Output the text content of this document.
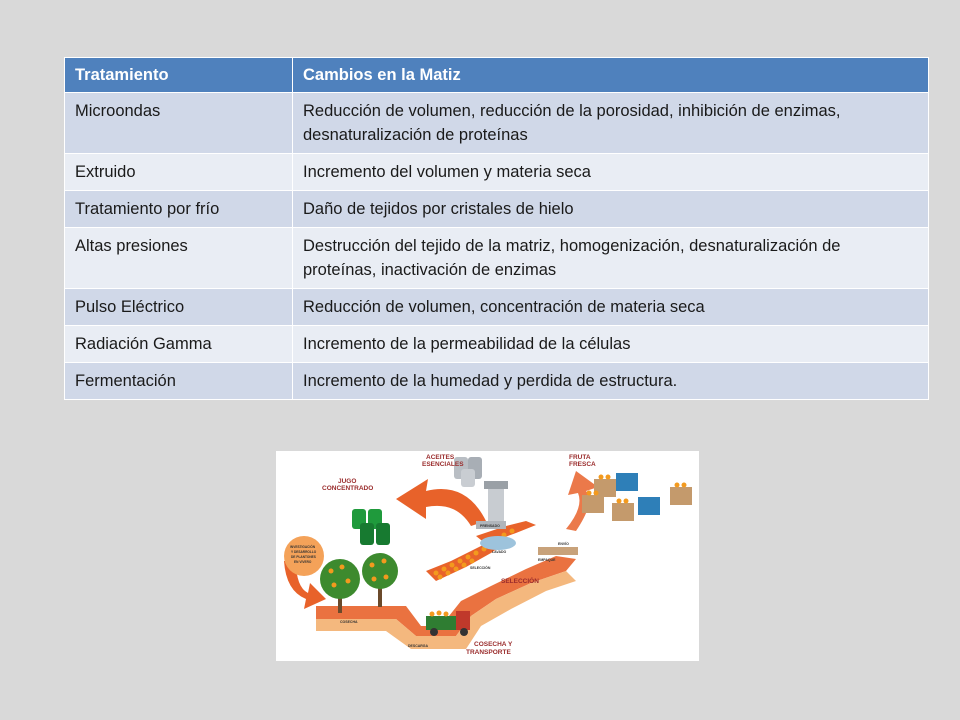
Tratamiento	Cambios en la Matiz
Microondas	Reducción de volumen, reducción de la porosidad, inhibición de enzimas, desnaturalización de proteínas
Extruido	Incremento del volumen y materia seca
Tratamiento por frío	Daño de tejidos por cristales de hielo
Altas presiones	Destrucción del tejido de la matriz, homogenización, desnaturalización de proteínas, inactivación de enzimas
Pulso Eléctrico	Reducción de volumen, concentración de materia seca
Radiación Gamma	Incremento de la permeabilidad de la células
Fermentación	Incremento de la humedad y perdida de estructura.
ACEITES
ESENCIALES
FRUTA
FRESCA
JUGO
CONCENTRADO
SELECCIÓN
COSECHA Y
TRANSPORTE
INVESTIGACIÓN
Y DESARROLLO
DE PLANTONES
EN VIVERO
PRENSADO
LAVADO
SELECCIÓN
EMPAQUE
ENVÍO
COSECHA
DESCARGA
